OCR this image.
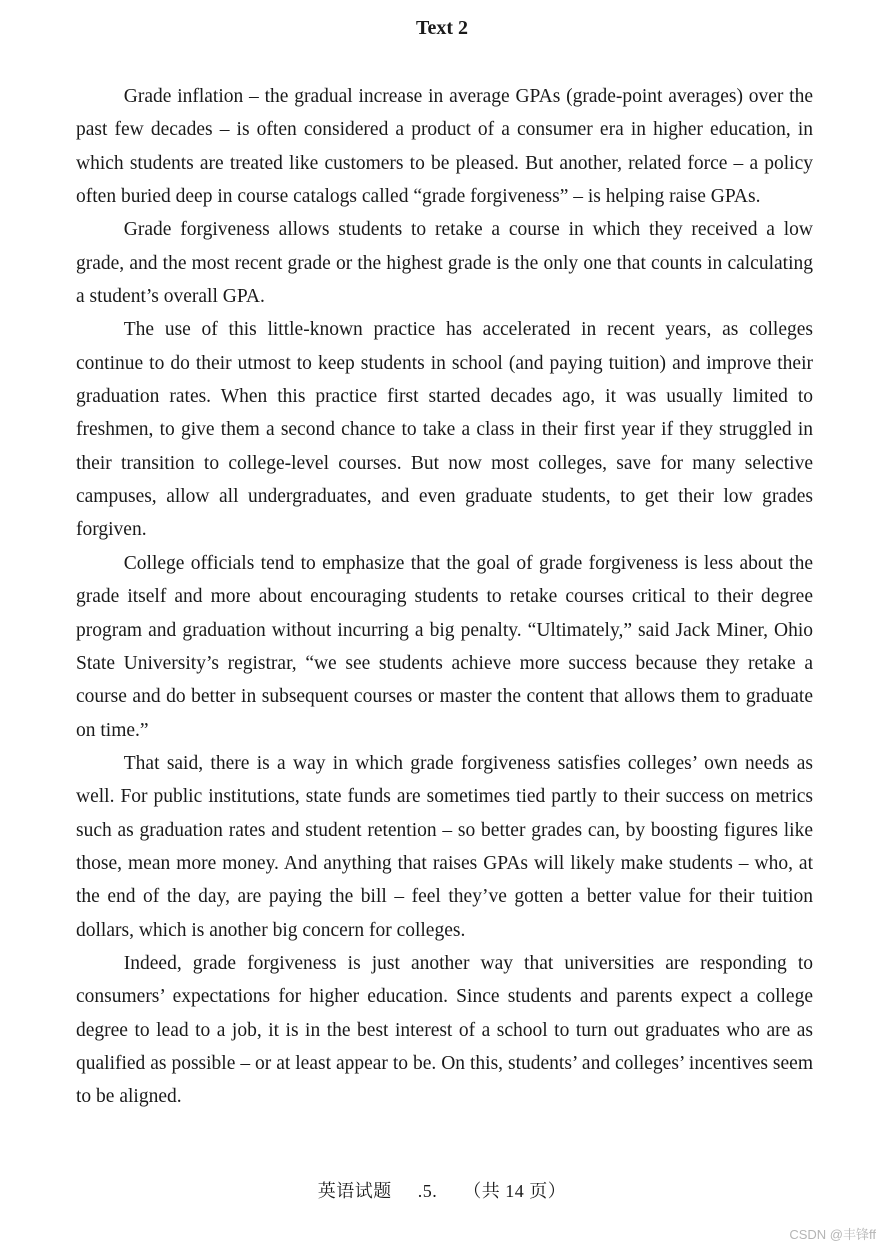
Text 2

Grade inflation – the gradual increase in average GPAs (grade-point averages) over the past few decades – is often considered a product of a consumer era in higher education, in which students are treated like customers to be pleased. But another, related force – a policy often buried deep in course catalogs called “grade forgiveness” – is helping raise GPAs.

Grade forgiveness allows students to retake a course in which they received a low grade, and the most recent grade or the highest grade is the only one that counts in calculating a student’s overall GPA.

The use of this little-known practice has accelerated in recent years, as colleges continue to do their utmost to keep students in school (and paying tuition) and improve their graduation rates. When this practice first started decades ago, it was usually limited to freshmen, to give them a second chance to take a class in their first year if they struggled in their transition to college-level courses. But now most colleges, save for many selective campuses, allow all undergraduates, and even graduate students, to get their low grades forgiven.

College officials tend to emphasize that the goal of grade forgiveness is less about the grade itself and more about encouraging students to retake courses critical to their degree program and graduation without incurring a big penalty. “Ultimately,” said Jack Miner, Ohio State University’s registrar, “we see students achieve more success because they retake a course and do better in subsequent courses or master the content that allows them to graduate on time.”

That said, there is a way in which grade forgiveness satisfies colleges’ own needs as well. For public institutions, state funds are sometimes tied partly to their success on metrics such as graduation rates and student retention – so better grades can, by boosting figures like those, mean more money. And anything that raises GPAs will likely make students – who, at the end of the day, are paying the bill – feel they’ve gotten a better value for their tuition dollars, which is another big concern for colleges.

Indeed, grade forgiveness is just another way that universities are responding to consumers’ expectations for higher education. Since students and parents expect a college degree to lead to a job, it is in the best interest of a school to turn out graduates who are as qualified as possible – or at least appear to be. On this, students’ and colleges’ incentives seem to be aligned.

英语试题 .5. （共 14 页）
CSDN @丰锋ff
